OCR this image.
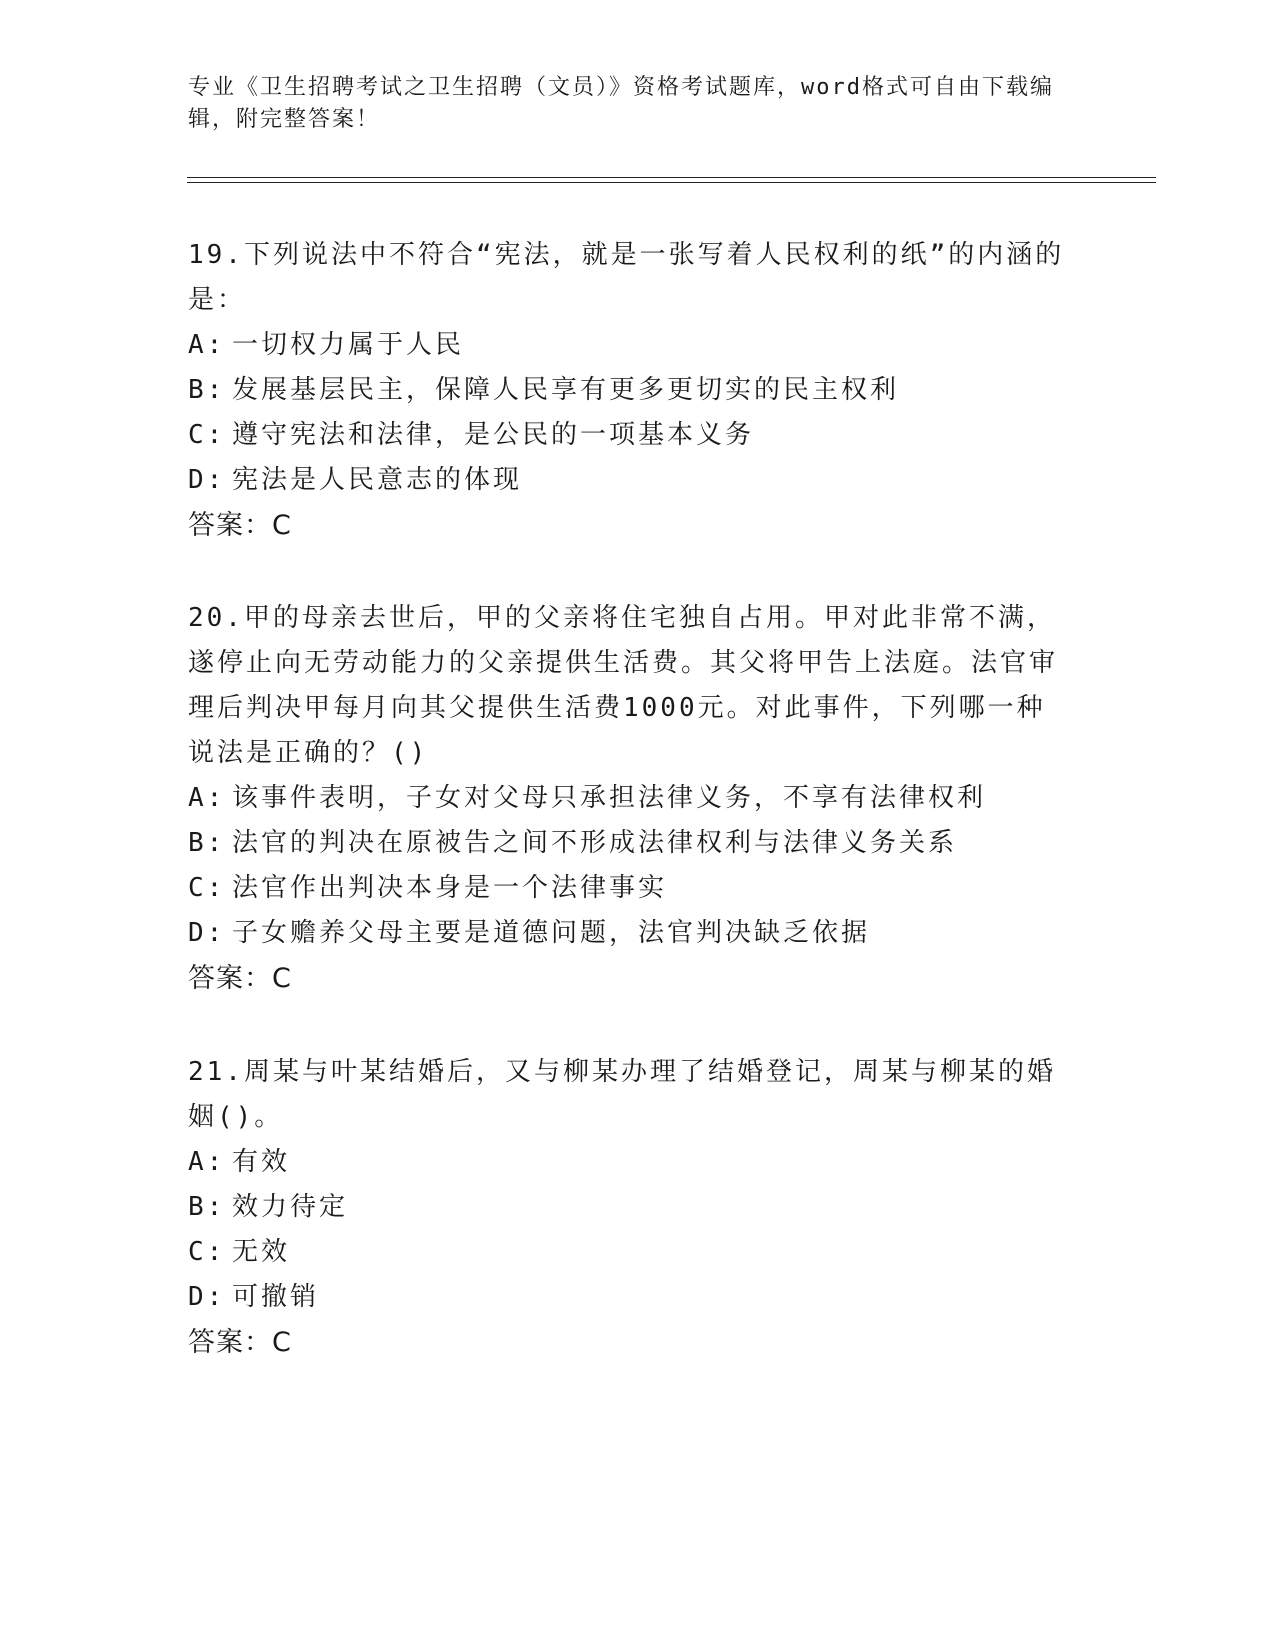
专业《卫生招聘考试之卫生招聘（文员）》资格考试题库，word格式可自由下载编辑，附完整答案！

19.下列说法中不符合“宪法，就是一张写着人民权利的纸”的内涵的是：

A: 一切权力属于人民

B: 发展基层民主，保障人民享有更多更切实的民主权利

C: 遵守宪法和法律，是公民的一项基本义务

D: 宪法是人民意志的体现

答案：C

20.甲的母亲去世后，甲的父亲将住宅独自占用。甲对此非常不满，遂停止向无劳动能力的父亲提供生活费。其父将甲告上法庭。法官审理后判决甲每月向其父提供生活费1000元。对此事件，下列哪一种说法是正确的？()

A: 该事件表明，子女对父母只承担法律义务，不享有法律权利

B: 法官的判决在原被告之间不形成法律权利与法律义务关系

C: 法官作出判决本身是一个法律事实

D: 子女赡养父母主要是道德问题，法官判决缺乏依据

答案：C

21.周某与叶某结婚后，又与柳某办理了结婚登记，周某与柳某的婚姻()。

A: 有效

B: 效力待定

C: 无效

D: 可撤销

答案：C
